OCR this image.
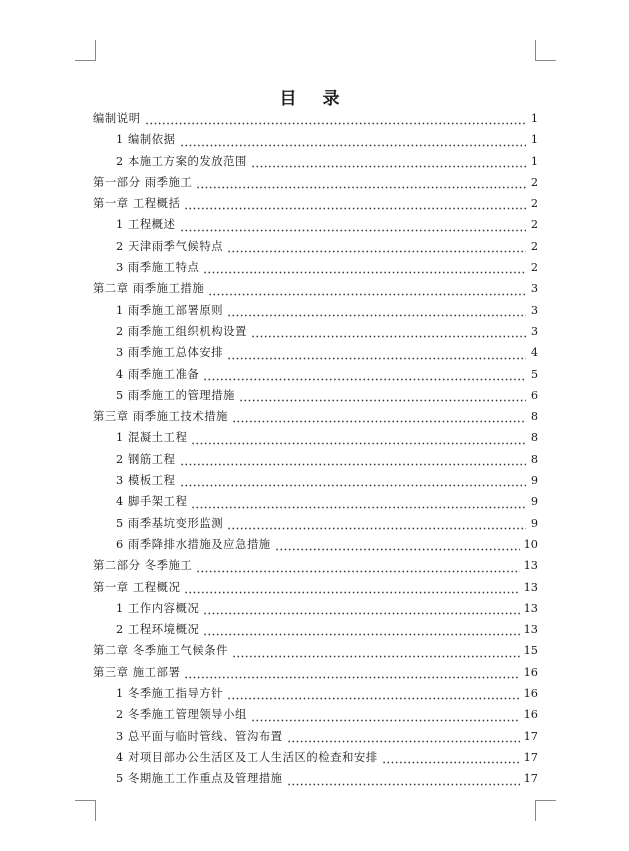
目 录
编制说明	1
1 编制依据	1
2 本施工方案的发放范围	1
第一部分 雨季施工	2
第一章 工程概括	2
1 工程概述	2
2 天津雨季气候特点	2
3 雨季施工特点	2
第二章 雨季施工措施	3
1 雨季施工部署原则	3
2 雨季施工组织机构设置	3
3 雨季施工总体安排	4
4 雨季施工准备	5
5 雨季施工的管理措施	6
第三章 雨季施工技术措施	8
1 混凝土工程	8
2 钢筋工程	8
3 模板工程	9
4 脚手架工程	9
5 雨季基坑变形监测	9
6 雨季降排水措施及应急措施	10
第二部分 冬季施工	13
第一章 工程概况	13
1 工作内容概况	13
2 工程环境概况	13
第二章 冬季施工气候条件	15
第三章 施工部署	16
1 冬季施工指导方针	16
2 冬季施工管理领导小组	16
3 总平面与临时管线、管沟布置	17
4 对项目部办公生活区及工人生活区的检查和安排	17
5 冬期施工工作重点及管理措施	17
